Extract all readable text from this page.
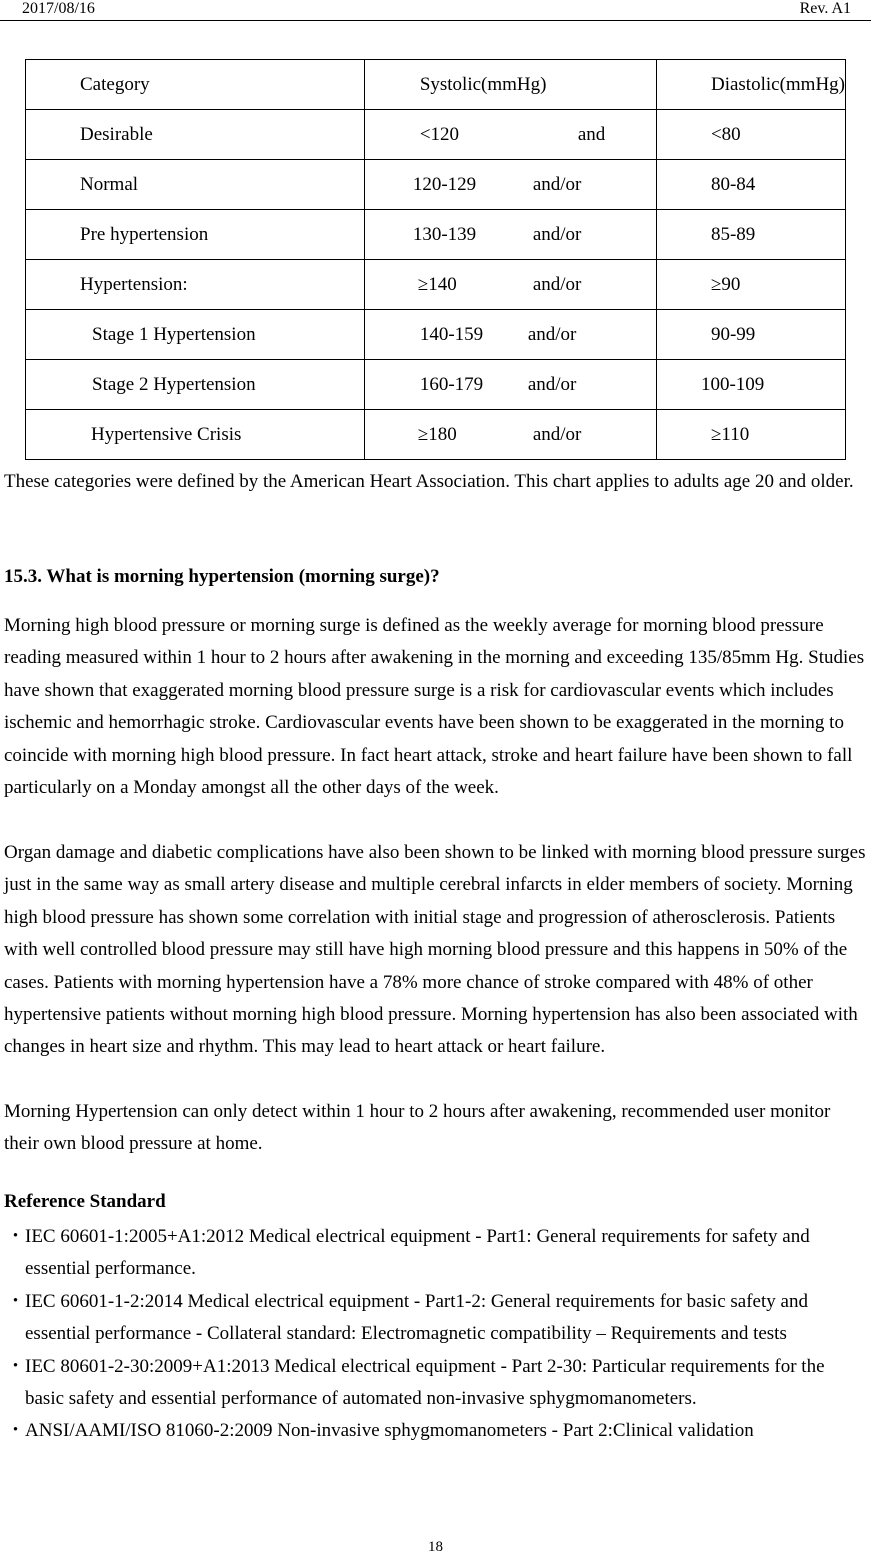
2017/08/16	Rev. A1
Category	Systolic(mmHg)	Diastolic(mmHg)
Desirable	<120 and	<80
Normal	120-129 and/or	80-84
Pre hypertension	130-139 and/or	85-89
Hypertension:	≥140 and/or	≥90
Stage 1 Hypertension	140-159 and/or	90-99
Stage 2 Hypertension	160-179 and/or	100-109
Hypertensive Crisis	≥180 and/or	≥110
These categories were defined by the American Heart Association. This chart applies to adults age 20 and older.
15.3. What is morning hypertension (morning surge)?
Morning high blood pressure or morning surge is defined as the weekly average for morning blood pressure reading measured within 1 hour to 2 hours after awakening in the morning and exceeding 135/85mm Hg. Studies have shown that exaggerated morning blood pressure surge is a risk for cardiovascular events which includes ischemic and hemorrhagic stroke. Cardiovascular events have been shown to be exaggerated in the morning to coincide with morning high blood pressure. In fact heart attack, stroke and heart failure have been shown to fall particularly on a Monday amongst all the other days of the week.
Organ damage and diabetic complications have also been shown to be linked with morning blood pressure surges just in the same way as small artery disease and multiple cerebral infarcts in elder members of society. Morning high blood pressure has shown some correlation with initial stage and progression of atherosclerosis. Patients with well controlled blood pressure may still have high morning blood pressure and this happens in 50% of the cases. Patients with morning hypertension have a 78% more chance of stroke compared with 48% of other hypertensive patients without morning high blood pressure. Morning hypertension has also been associated with changes in heart size and rhythm. This may lead to heart attack or heart failure.
Morning Hypertension can only detect within 1 hour to 2 hours after awakening, recommended user monitor their own blood pressure at home.
Reference Standard
・ IEC 60601-1:2005+A1:2012 Medical electrical equipment - Part1: General requirements for safety and essential performance.
・ IEC 60601-1-2:2014 Medical electrical equipment - Part1-2: General requirements for basic safety and essential performance - Collateral standard: Electromagnetic compatibility – Requirements and tests
・ IEC 80601-2-30:2009+A1:2013 Medical electrical equipment - Part 2-30: Particular requirements for the basic safety and essential performance of automated non-invasive sphygmomanometers.
・ ANSI/AAMI/ISO 81060-2:2009 Non-invasive sphygmomanometers - Part 2:Clinical validation
18
